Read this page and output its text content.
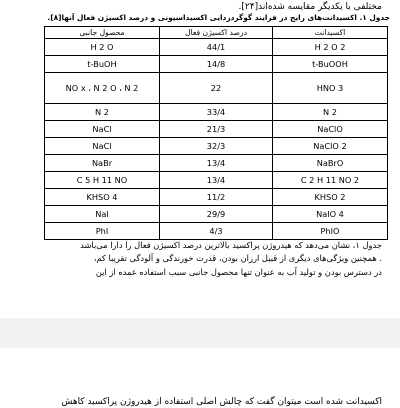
مختلفی با یکدیگر مقایسه شده‌اند[۲۴].
جدول ۱. اکسیدانت‌های رایج در فرایند گوگردزدایی اکسیداسیونی و درصد اکسیژن فعال آنها[۸].
اکسیدانت	درصد اکسیژن فعال	محصول جانبی
H 2 O 2	44/1	H 2 O
t-BuOOH	14/8	t-BuOH
HNO 3	22	NO x ، N 2 O ، N 2
N 2	33/4	N 2
NaClO	21/3	NaCl
NaClO 2	32/3	NaCl
NaBrO	13/4	NaBr
C 2 H 11 NO 2	13/4	C 5 H 11 NO
KHSO 2	11/2	KHSO 4
NaIO 4	29/9	NaI
PhIO	4/3	PhI
جدول ۱، نشان می‌دهد که هیدروژن پراکسید بالاترین درصد اکسیژن فعال را دارا می‌باشد
. همچنین ویژگی‌های دیگری از قبیل ارزان بودن، قدرت خورندگی و آلودگی تقریبا کم،
در دسترس بودن و تولید آب به عنوان تنها محصول جانبی سبب استفاده عمده از این
اکسیدانت شده است میتوان گفت که چالش اصلی استفاده از هیدروژن پراکسید کاهش
